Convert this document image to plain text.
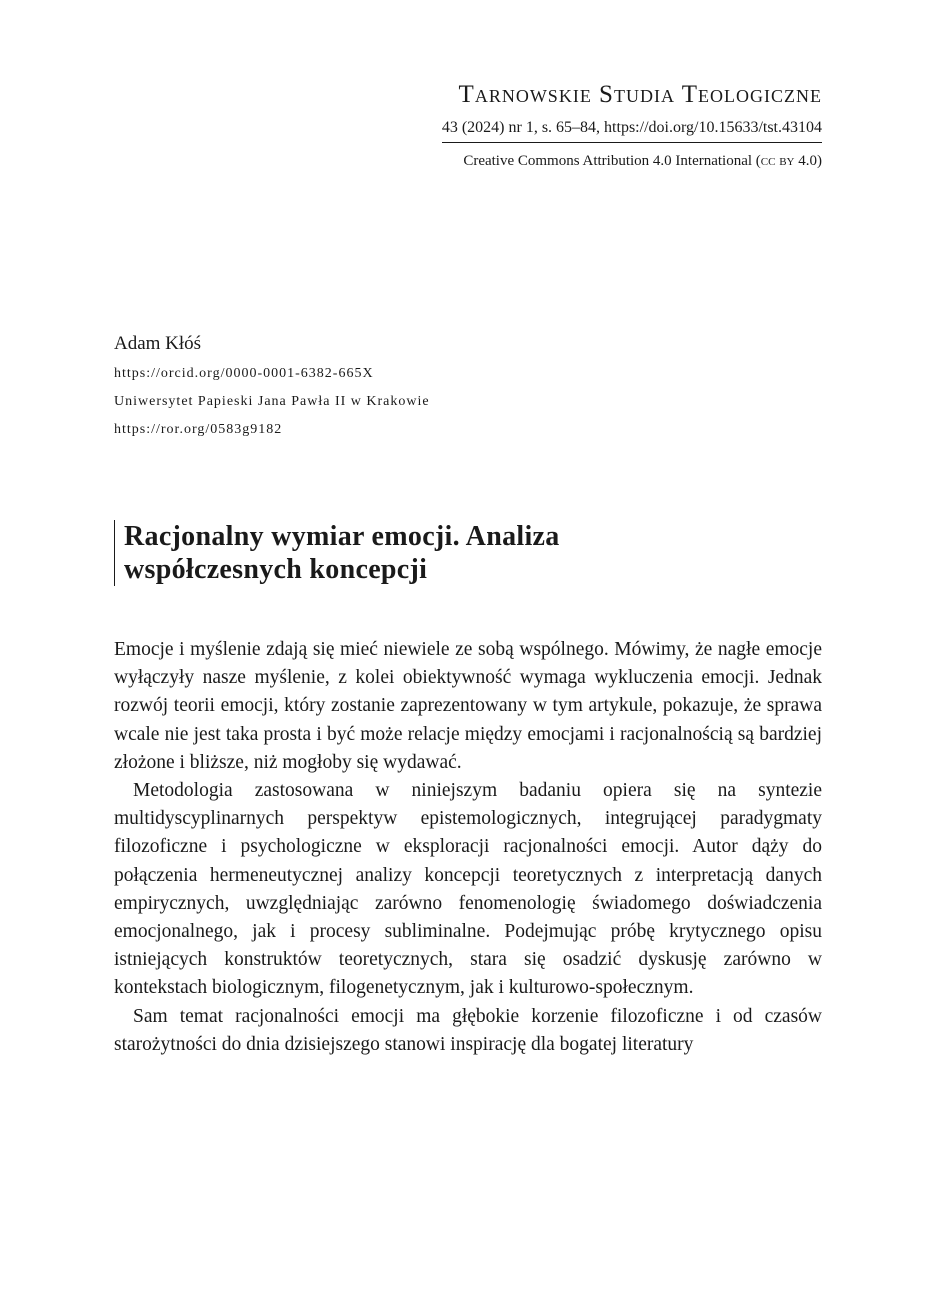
Tarnowskie Studia Teologiczne
43 (2024) nr 1, s. 65–84, https://doi.org/10.15633/tst.43104
Creative Commons Attribution 4.0 International (cc by 4.0)
Adam Kłóś
https://orcid.org/0000-0001-6382-665X
Uniwersytet Papieski Jana Pawła II w Krakowie
https://ror.org/0583g9182
Racjonalny wymiar emocji. Analiza
współczesnych koncepcji

Emocje i myślenie zdają się mieć niewiele ze sobą wspólnego. Mówimy, że nagłe emocje wyłączyły nasze myślenie, z kolei obiektywność wymaga wykluczenia emocji. Jednak rozwój teorii emocji, który zostanie zaprezentowany w tym artykule, pokazuje, że sprawa wcale nie jest taka prosta i być może relacje między emocjami i racjonalnością są bardziej złożone i bliższe, niż mogłoby się wydawać.

Metodologia zastosowana w niniejszym badaniu opiera się na syntezie multidyscyplinarnych perspektyw epistemologicznych, integrującej paradygmaty filozoficzne i psychologiczne w eksploracji racjonalności emocji. Autor dąży do połączenia hermeneutycznej analizy koncepcji teoretycznych z interpretacją danych empirycznych, uwzględniając zarówno fenomenologię świadomego doświadczenia emocjonalnego, jak i procesy subliminalne. Podejmując próbę krytycznego opisu istniejących konstruktów teoretycznych, stara się osadzić dyskusję zarówno w kontekstach biologicznym, filogenetycznym, jak i kulturowo-społecznym.

Sam temat racjonalności emocji ma głębokie korzenie filozoficzne i od czasów starożytności do dnia dzisiejszego stanowi inspirację dla bogatej literatury
